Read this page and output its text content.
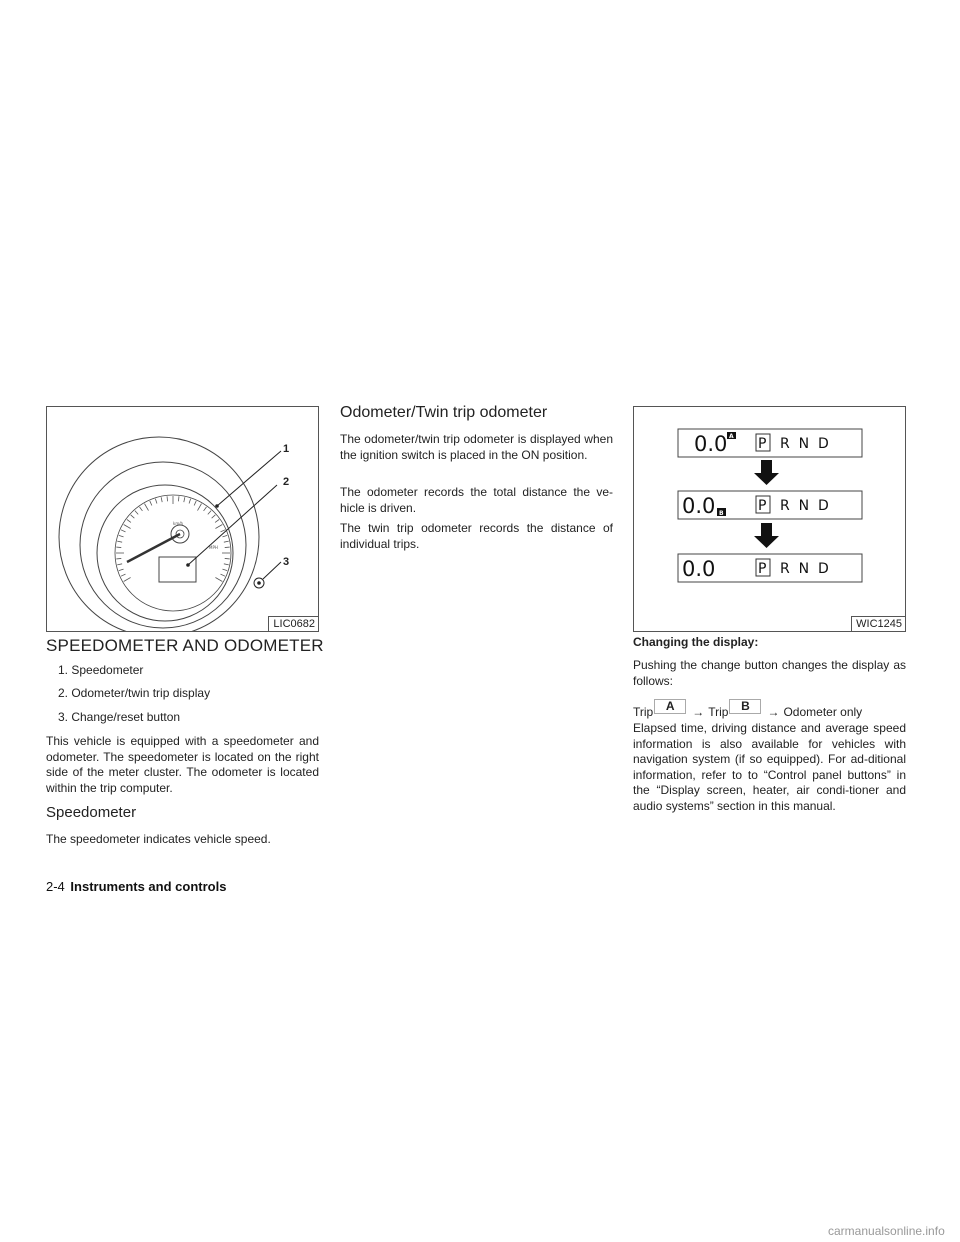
km/h
MPH
1
2
3
LIC0682
SPEEDOMETER AND ODOMETER
1. Speedometer
2. Odometer/twin trip display
3. Change/reset button

This vehicle is equipped with a speedometer and odometer. The speedometer is located on the right side of the meter cluster. The odometer is located within the trip computer.

Speedometer

The speedometer indicates vehicle speed.

Odometer/Twin trip odometer

The odometer/twin trip odometer is displayed when the ignition switch is placed in the ON position.

The odometer records the total distance the ve-hicle is driven.

The twin trip odometer records the distance of individual trips.

0.0 A P R  N  D
0.0 B P R  N  D
0.0	P R  N  D
WIC1245
Changing the display:

Pushing the change button changes the display as follows:

Trip	A	→ Trip	B	→ Odometer only

Elapsed time, driving distance and average speed information is also available for vehicles with navigation system (if so equipped). For ad-ditional information, refer to to “Control panel buttons” in the “Display screen, heater, air condi-tioner and audio systems” section in this manual.

2-4 Instruments and controls
carmanualsonline.info
